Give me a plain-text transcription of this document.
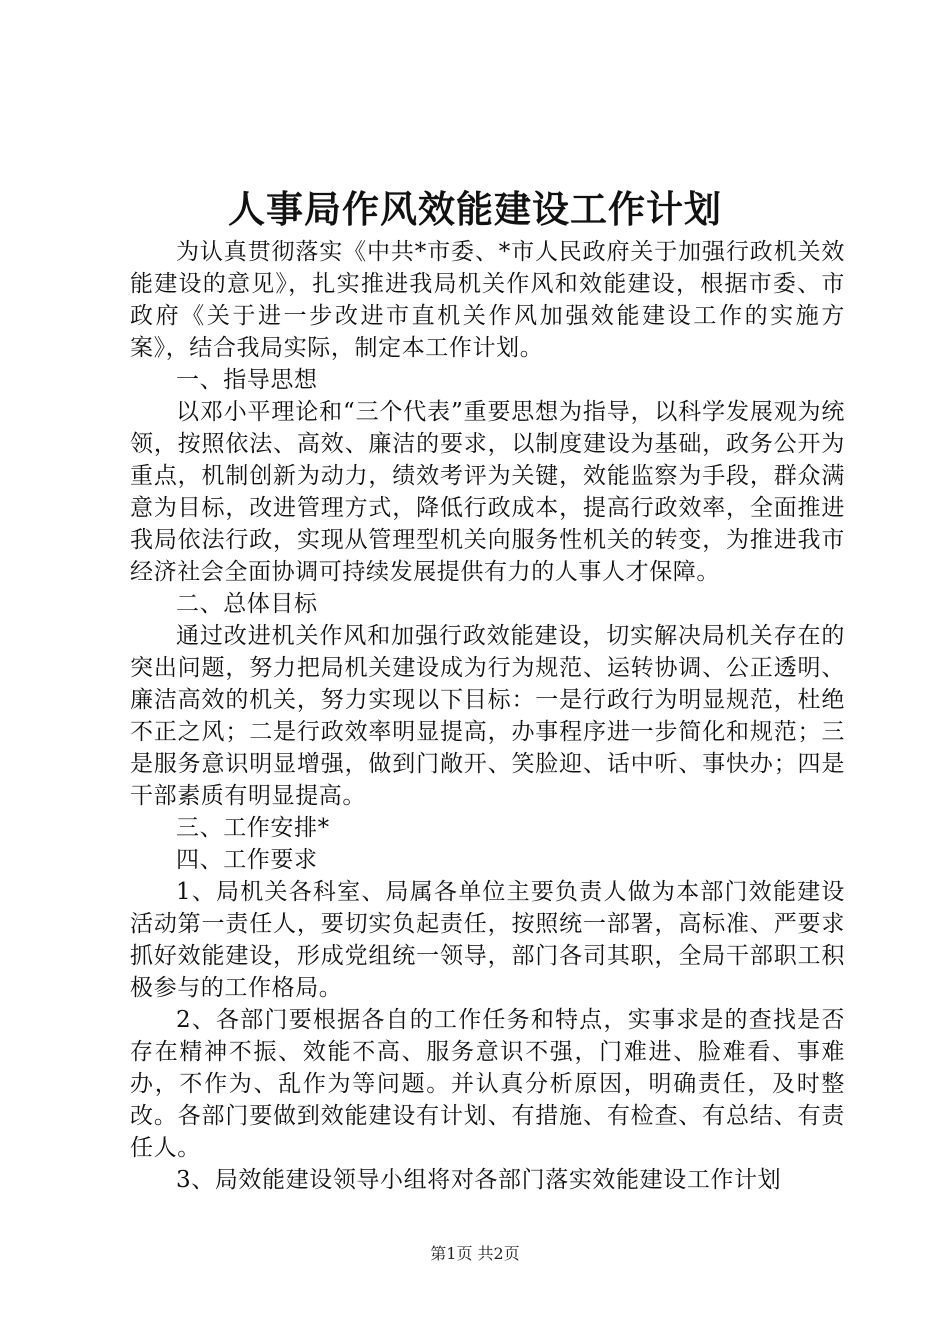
人事局作风效能建设工作计划

为认真贯彻落实《中共*市委、*市人民政府关于加强行政机关效能建设的意见》，扎实推进我局机关作风和效能建设，根据市委、市政府《关于进一步改进市直机关作风加强效能建设工作的实施方案》，结合我局实际，制定本工作计划。

一、指导思想

以邓小平理论和“三个代表”重要思想为指导，以科学发展观为统领，按照依法、高效、廉洁的要求，以制度建设为基础，政务公开为重点，机制创新为动力，绩效考评为关键，效能监察为手段，群众满意为目标，改进管理方式，降低行政成本，提高行政效率，全面推进我局依法行政，实现从管理型机关向服务性机关的转变，为推进我市经济社会全面协调可持续发展提供有力的人事人才保障。

二、总体目标

通过改进机关作风和加强行政效能建设，切实解决局机关存在的突出问题，努力把局机关建设成为行为规范、运转协调、公正透明、廉洁高效的机关，努力实现以下目标：一是行政行为明显规范，杜绝不正之风；二是行政效率明显提高，办事程序进一步简化和规范；三是服务意识明显增强，做到门敞开、笑脸迎、话中听、事快办；四是干部素质有明显提高。

三、工作安排*

四、工作要求

1、局机关各科室、局属各单位主要负责人做为本部门效能建设活动第一责任人，要切实负起责任，按照统一部署，高标准、严要求抓好效能建设，形成党组统一领导，部门各司其职，全局干部职工积极参与的工作格局。

2、各部门要根据各自的工作任务和特点，实事求是的查找是否存在精神不振、效能不高、服务意识不强，门难进、脸难看、事难办，不作为、乱作为等问题。并认真分析原因，明确责任，及时整改。各部门要做到效能建设有计划、有措施、有检查、有总结、有责任人。

3、局效能建设领导小组将对各部门落实效能建设工作计划

第1页 共2页
